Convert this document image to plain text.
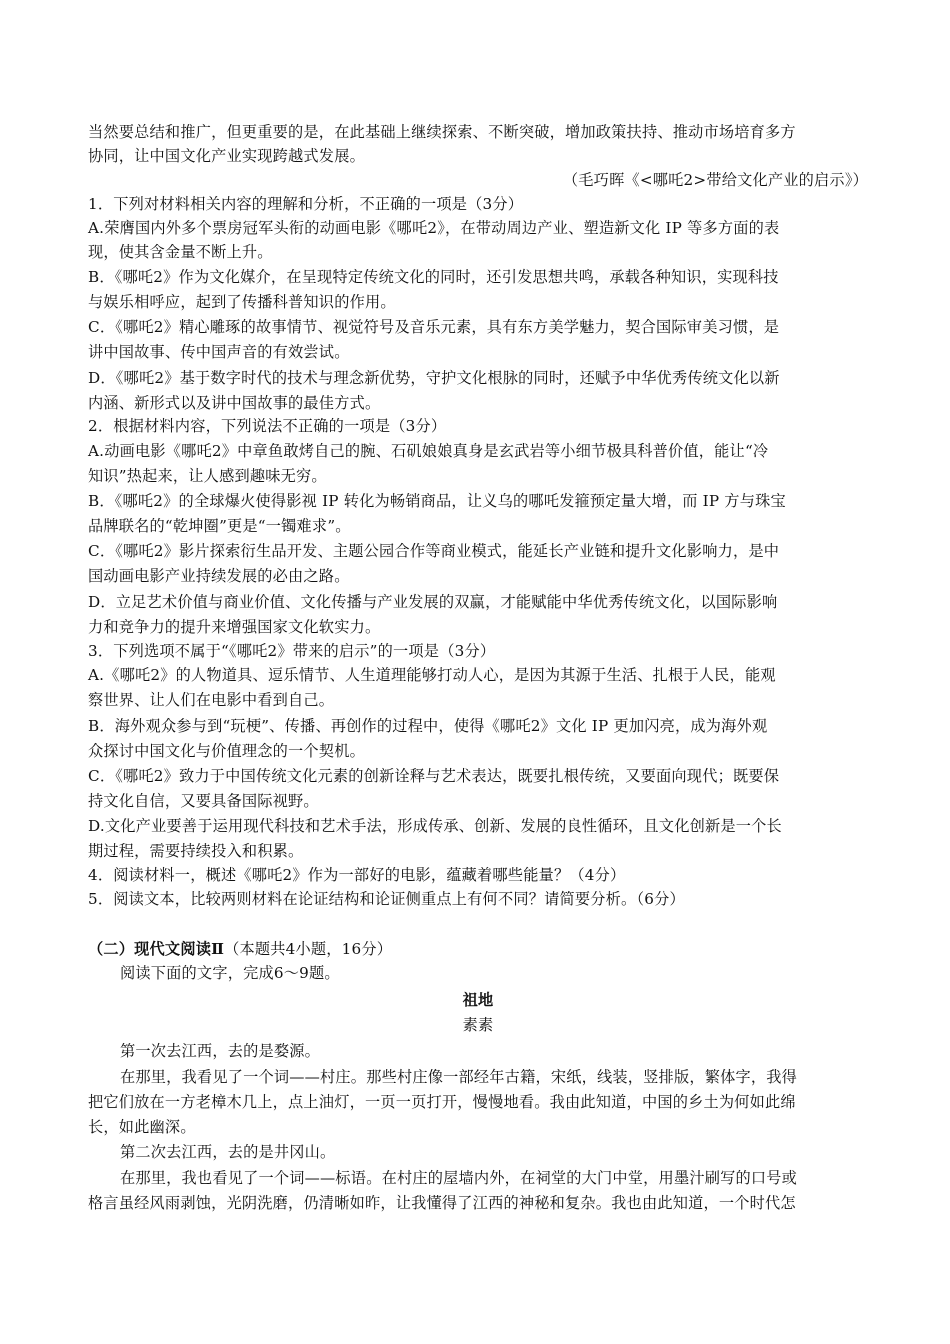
当然要总结和推广，但更重要的是，在此基础上继续探索、不断突破，增加政策扶持、推动市场培育多方
协同，让中国文化产业实现跨越式发展。
（毛巧晖《<哪吒2>带给文化产业的启示》）
1．下列对材料相关内容的理解和分析，不正确的一项是（3分）
A.荣膺国内外多个票房冠军头衔的动画电影《哪吒2》，在带动周边产业、塑造新文化 IP 等多方面的表
现，使其含金量不断上升。
B．《哪吒2》作为文化媒介，在呈现特定传统文化的同时，还引发思想共鸣，承载各种知识，实现科技
与娱乐相呼应，起到了传播科普知识的作用。
C．《哪吒2》精心雕琢的故事情节、视觉符号及音乐元素，具有东方美学魅力，契合国际审美习惯，是
讲中国故事、传中国声音的有效尝试。
D．《哪吒2》基于数字时代的技术与理念新优势，守护文化根脉的同时，还赋予中华优秀传统文化以新
内涵、新形式以及讲中国故事的最佳方式。
2．根据材料内容，下列说法不正确的一项是（3分）
A.动画电影《哪吒2》中章鱼敢烤自己的腕、石矶娘娘真身是玄武岩等小细节极具科普价值，能让“冷
知识”热起来，让人感到趣味无穷。
B．《哪吒2》的全球爆火使得影视 IP 转化为畅销商品，让义乌的哪吒发箍预定量大增，而 IP 方与珠宝
品牌联名的“乾坤圈”更是“一镯难求”。
C．《哪吒2》影片探索衍生品开发、主题公园合作等商业模式，能延长产业链和提升文化影响力，是中
国动画电影产业持续发展的必由之路。
D．立足艺术价值与商业价值、文化传播与产业发展的双赢，才能赋能中华优秀传统文化，以国际影响
力和竞争力的提升来增强国家文化软实力。
3．下列选项不属于“《哪吒2》带来的启示”的一项是（3分）
A.《哪吒2》的人物道具、逗乐情节、人生道理能够打动人心，是因为其源于生活、扎根于人民，能观
察世界、让人们在电影中看到自己。
B．海外观众参与到“玩梗”、传播、再创作的过程中，使得《哪吒2》文化 IP 更加闪亮，成为海外观
众探讨中国文化与价值理念的一个契机。
C．《哪吒2》致力于中国传统文化元素的创新诠释与艺术表达，既要扎根传统，又要面向现代；既要保
持文化自信，又要具备国际视野。
D.文化产业要善于运用现代科技和艺术手法，形成传承、创新、发展的良性循环，且文化创新是一个长
期过程，需要持续投入和积累。
4．阅读材料一，概述《哪吒2》作为一部好的电影，蕴藏着哪些能量？（4分）
5．阅读文本，比较两则材料在论证结构和论证侧重点上有何不同？请简要分析。（6分）
（二）现代文阅读Ⅱ（本题共4小题，16分）
阅读下面的文字，完成6～9题。
祖地
素素
第一次去江西，去的是婺源。
在那里，我看见了一个词——村庄。那些村庄像一部经年古籍，宋纸，线装，竖排版，繁体字，我得
把它们放在一方老樟木几上，点上油灯，一页一页打开，慢慢地看。我由此知道，中国的乡土为何如此绵
长，如此幽深。
第二次去江西，去的是井冈山。
在那里，我也看见了一个词——标语。在村庄的屋墙内外，在祠堂的大门中堂，用墨汁刷写的口号或
格言虽经风雨剥蚀，光阴洗磨，仍清晰如昨，让我懂得了江西的神秘和复杂。我也由此知道，一个时代怎
